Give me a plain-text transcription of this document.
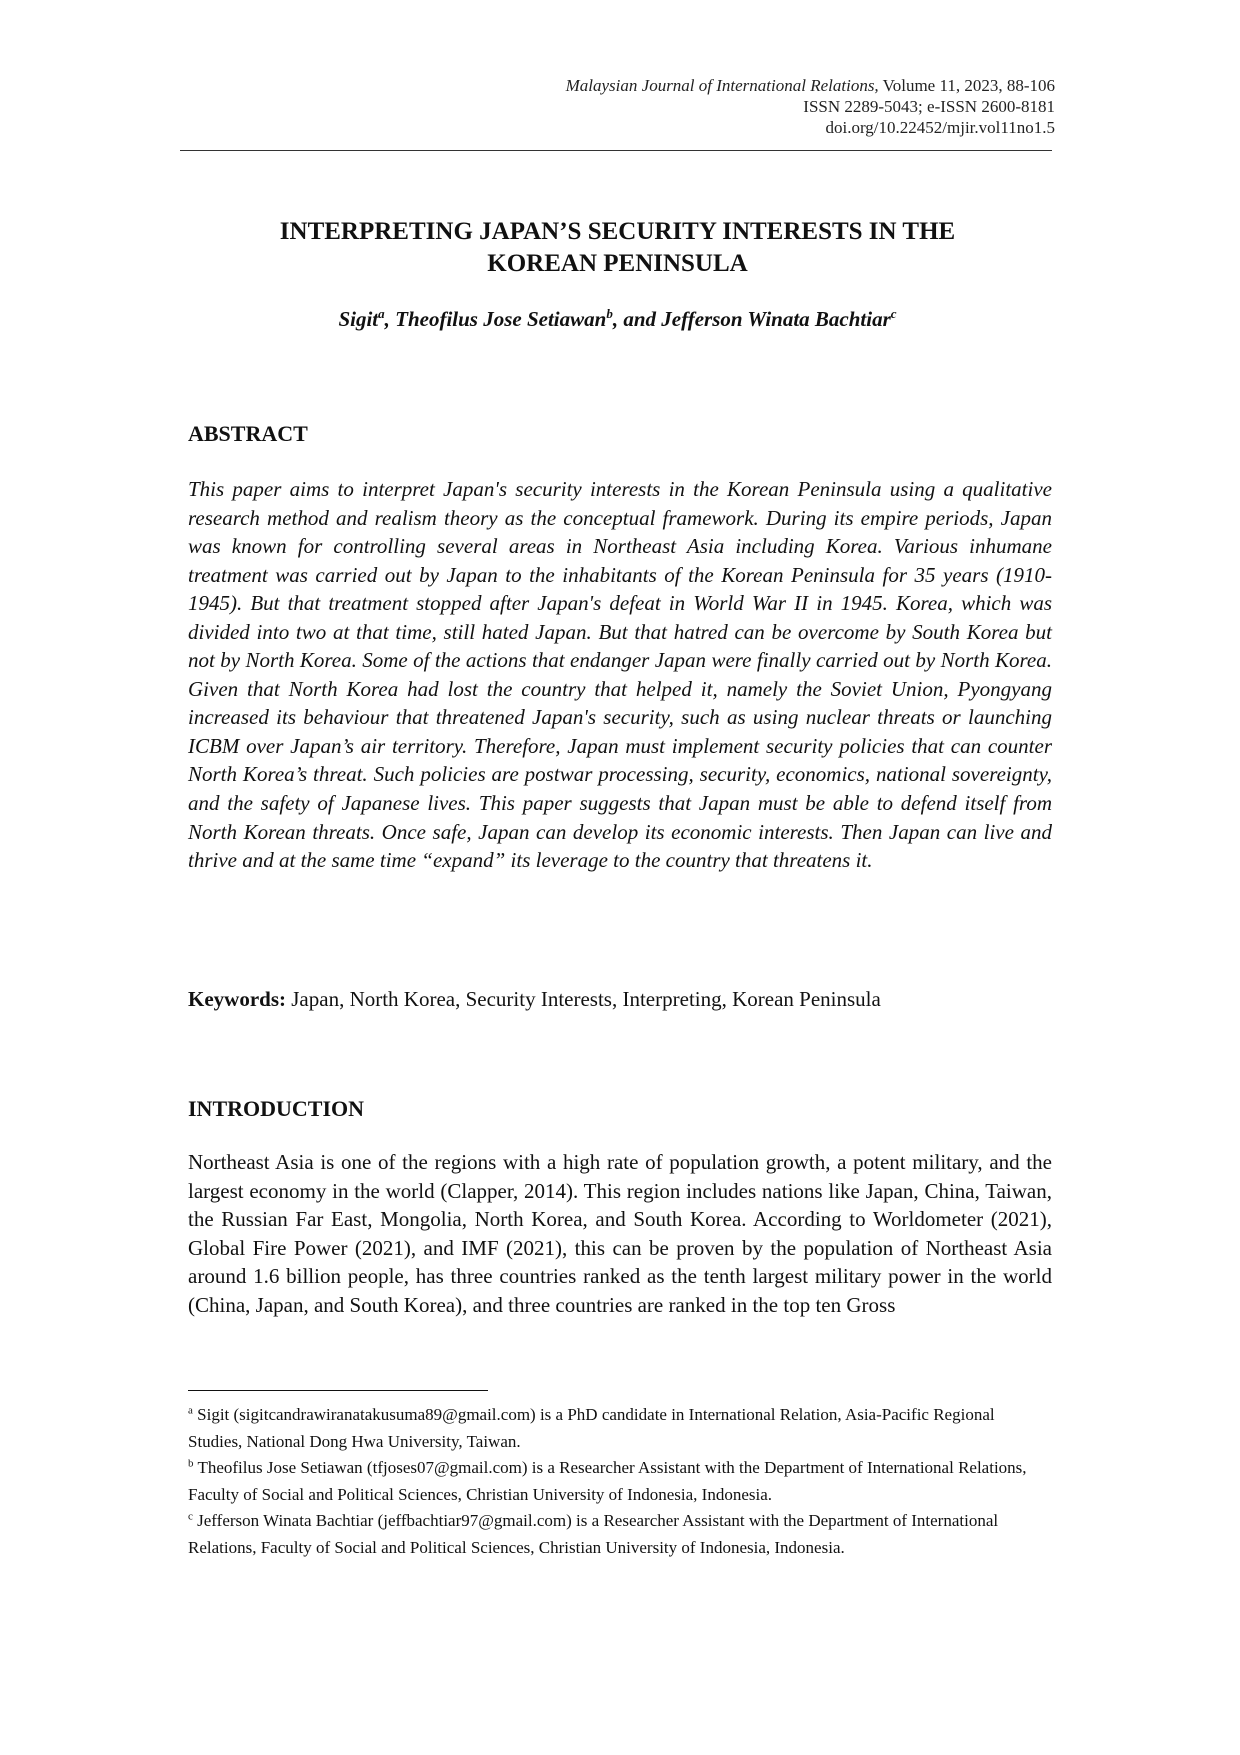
Malaysian Journal of International Relations, Volume 11, 2023, 88-106
ISSN 2289-5043; e-ISSN 2600-8181
doi.org/10.22452/mjir.vol11no1.5
INTERPRETING JAPAN’S SECURITY INTERESTS IN THE
KOREAN PENINSULA
Sigit$^a$, Theofilus Jose Setiawan$^b$, and Jefferson Winata Bachtiar$^c$
ABSTRACT

This paper aims to interpret Japan's security interests in the Korean Peninsula using a qualitative research method and realism theory as the conceptual framework. During its empire periods, Japan was known for controlling several areas in Northeast Asia including Korea. Various inhumane treatment was carried out by Japan to the inhabitants of the Korean Peninsula for 35 years (1910-1945). But that treatment stopped after Japan's defeat in World War II in 1945. Korea, which was divided into two at that time, still hated Japan. But that hatred can be overcome by South Korea but not by North Korea. Some of the actions that endanger Japan were finally carried out by North Korea. Given that North Korea had lost the country that helped it, namely the Soviet Union, Pyongyang increased its behaviour that threatened Japan's security, such as using nuclear threats or launching ICBM over Japan’s air territory. Therefore, Japan must implement security policies that can counter North Korea’s threat. Such policies are postwar processing, security, economics, national sovereignty, and the safety of Japanese lives. This paper suggests that Japan must be able to defend itself from North Korean threats. Once safe, Japan can develop its economic interests. Then Japan can live and thrive and at the same time “expand” its leverage to the country that threatens it.

Keywords: Japan, North Korea, Security Interests, Interpreting, Korean Peninsula
INTRODUCTION

Northeast Asia is one of the regions with a high rate of population growth, a potent military, and the largest economy in the world (Clapper, 2014). This region includes nations like Japan, China, Taiwan, the Russian Far East, Mongolia, North Korea, and South Korea. According to Worldometer (2021), Global Fire Power (2021), and IMF (2021), this can be proven by the population of Northeast Asia around 1.6 billion people, has three countries ranked as the tenth largest military power in the world (China, Japan, and South Korea), and three countries are ranked in the top ten Gross

$^a$ Sigit (sigitcandrawiranatakusuma89@gmail.com) is a PhD candidate in International Relation, Asia-Pacific Regional Studies, National Dong Hwa University, Taiwan.

$^b$ Theofilus Jose Setiawan (tfjoses07@gmail.com) is a Researcher Assistant with the Department of International Relations, Faculty of Social and Political Sciences, Christian University of Indonesia, Indonesia.

$^c$ Jefferson Winata Bachtiar (jeffbachtiar97@gmail.com) is a Researcher Assistant with the Department of International Relations, Faculty of Social and Political Sciences, Christian University of Indonesia, Indonesia.
